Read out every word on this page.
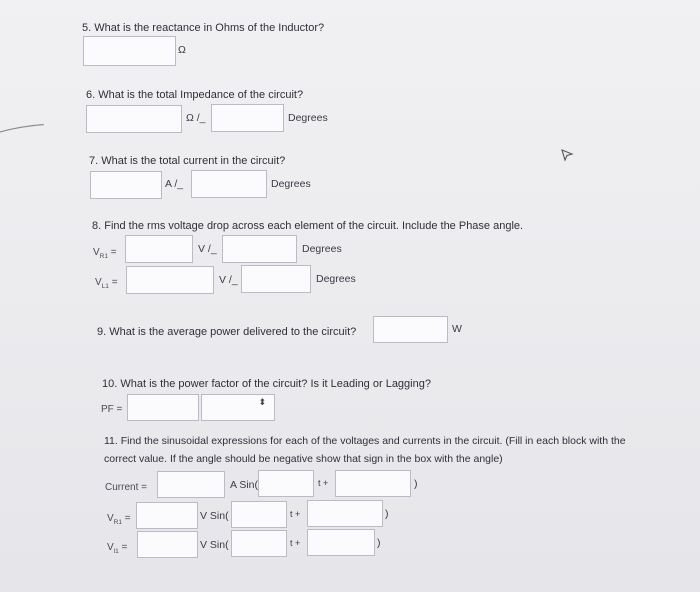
5. What is the reactance in Ohms of the Inductor?
Ω
6. What is the total Impedance of the circuit?
Ω /_	Degrees
7. What is the total current in the circuit?
A /_	Degrees
8. Find the rms voltage drop across each element of the circuit. Include the Phase angle.
$V_{R1}$ =	V /_	Degrees
$V_{L1}$ =	V /_	Degrees
9. What is the average power delivered to the circuit?	W
10. What is the power factor of the circuit? Is it Leading or Lagging?
PF =
⬍
11. Find the sinusoidal expressions for each of the voltages and currents in the circuit. (Fill in each block with the
correct value. If the angle should be negative show that sign in the box with the angle)
Current =	A Sin(	t +	)
$V_{R1}$ =	V Sin(	t +	)
$V_{l1}$ =	V Sin(	t +	)
